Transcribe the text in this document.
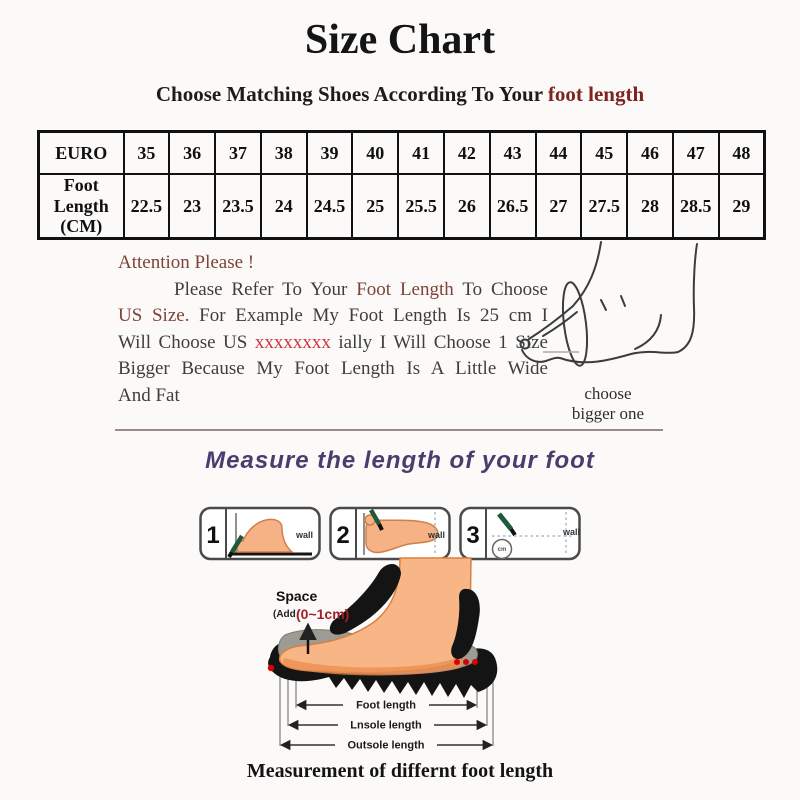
Size Chart
Choose Matching Shoes According To Your foot length
EURO	35	36	37	38	39	40	41	42	43	44	45	46	47	48

Foot
Length
(CM)	22.5	23	23.5	24	24.5	25	25.5	26	26.5	27	27.5	28	28.5	29
Attention Please !
Please Refer To Your Foot Length To Choose
US Size. For Example My Foot Length Is 25 cm I
Will Choose US xxxxxxxx ially I Will Choose 1 Size
Bigger Because My Foot Length Is A Little Wide
And Fat	choose
bigger one
Measure the length of your foot
1	wall 2	wall 3
cm
wall
Space
(Add (0~1cm)
Foot length
Lnsole length
Outsole length
Measurement of differnt foot length
